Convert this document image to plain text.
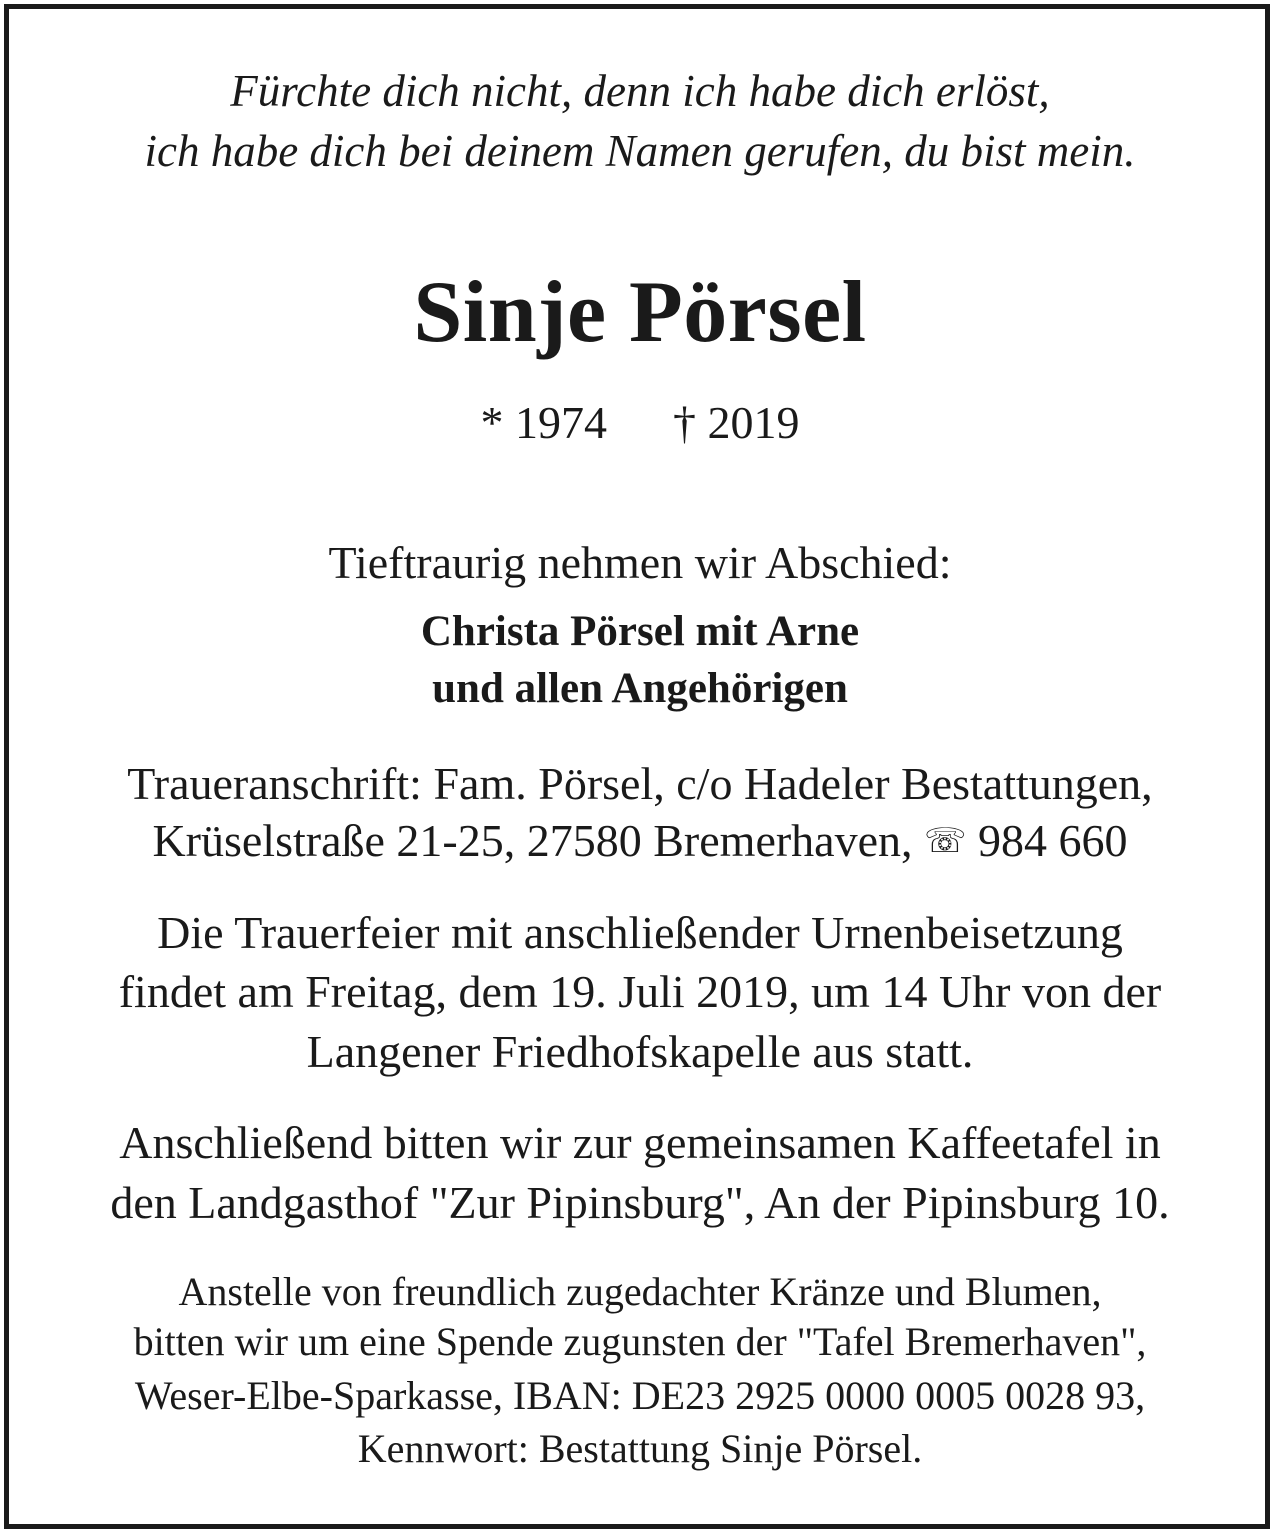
Fürchte dich nicht, denn ich habe dich erlöst,

ich habe dich bei deinem Namen gerufen, du bist mein.

Sinje Pörsel

* 1974 † 2019

Tieftraurig nehmen wir Abschied:

Christa Pörsel mit Arne

und allen Angehörigen

Traueranschrift: Fam. Pörsel, c/o Hadeler Bestattungen,

Krüselstraße 21-25, 27580 Bremerhaven, ☏ 984 660

Die Trauerfeier mit anschließender Urnenbeisetzung

findet am Freitag, dem 19. Juli 2019, um 14 Uhr von der

Langener Friedhofskapelle aus statt.

Anschließend bitten wir zur gemeinsamen Kaffeetafel in

den Landgasthof "Zur Pipinsburg", An der Pipinsburg 10.

Anstelle von freundlich zugedachter Kränze und Blumen,

bitten wir um eine Spende zugunsten der "Tafel Bremerhaven",

Weser-Elbe-Sparkasse, IBAN: DE23 2925 0000 0005 0028 93,

Kennwort: Bestattung Sinje Pörsel.
